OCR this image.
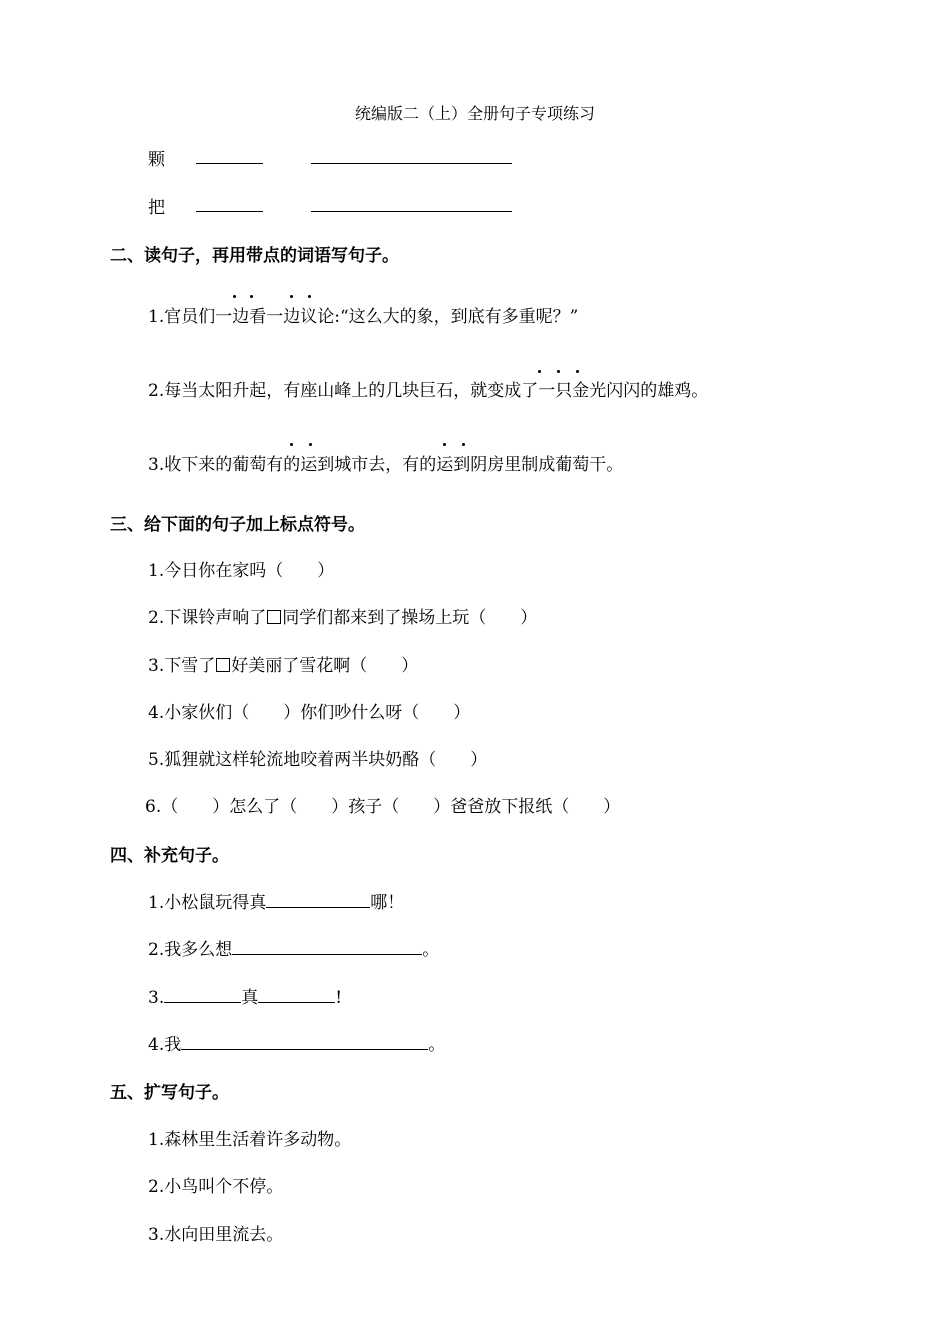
统编版二（上）全册句子专项练习
颗
把
二、读句子，再用带点的词语写句子。
1.官员们一边看一边议论:“这么大的象，到底有多重呢？”
2.每当太阳升起，有座山峰上的几块巨石，就变成了一只金光闪闪的雄鸡。
3.收下来的葡萄有的运到城市去，有的运到阴房里制成葡萄干。
三、给下面的句子加上标点符号。
1.今日你在家吗（ ）
2.下课铃声响了 同学们都来到了操场上玩（ ）
3.下雪了 好美丽了雪花啊（ ）
4.小家伙们（ ）你们吵什么呀（ ）
5.狐狸就这样轮流地咬着两半块奶酪（ ）
6.（ ）怎么了（ ）孩子（ ）爸爸放下报纸（ ）
四、补充句子。
1.小松鼠玩得真	哪！
2.我多么想	。
3.	真	!
4.我	。
五、扩写句子。
1.森林里生活着许多动物。
2.小鸟叫个不停。
3.水向田里流去。
